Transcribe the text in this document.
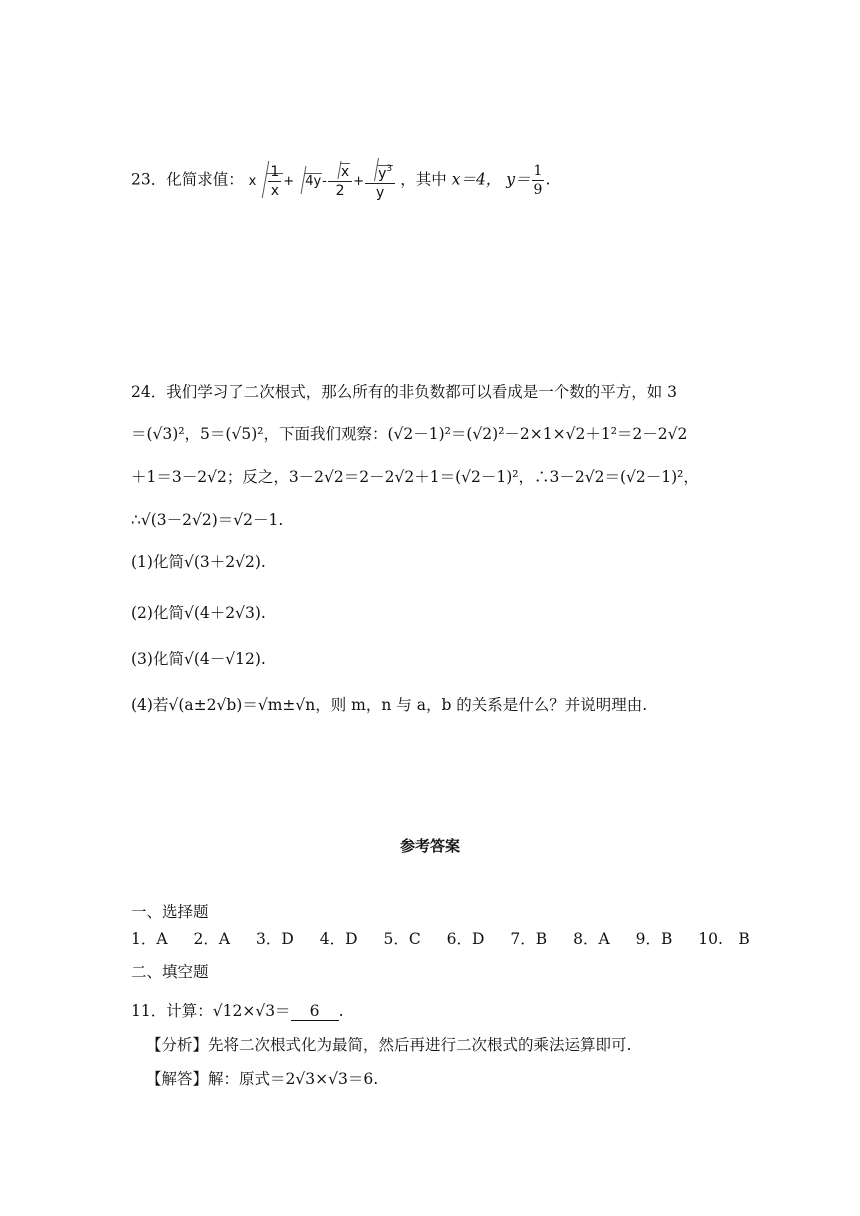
23．化简求值： x $\frac{1}{x} + 4y- \frac{x}{2} + \frac{y^3}{y}$ ，其中 x＝4， $y= \frac{1}{9}$ .
24．我们学习了二次根式，那么所有的非负数都可以看成是一个数的平方，如 3
＝(√3)²，5＝(√5)²，下面我们观察：(√2－1)²＝(√2)²－2×1×√2＋1²＝2－2√2
＋1＝3－2√2；反之，3－2√2＝2－2√2＋1＝(√2－1)²，∴3－2√2＝(√2－1)²，
∴√(3－2√2)＝√2－1.
(1)化简√(3＋2√2).
(2)化简√(4＋2√3).
(3)化简√(4－√12).
(4)若√(a±2√b)＝√m±√n，则 m，n 与 a，b 的关系是什么？并说明理由.
参考答案
一、选择题
1．A 2．A 3．D 4．D 5．C 6．D 7．B 8．A 9．B 10.　B
二、填空题
11．计算：√12×√3＝ 6 .
【分析】先将二次根式化为最简，然后再进行二次根式的乘法运算即可.
【解答】解：原式＝2√3×√3＝6.
